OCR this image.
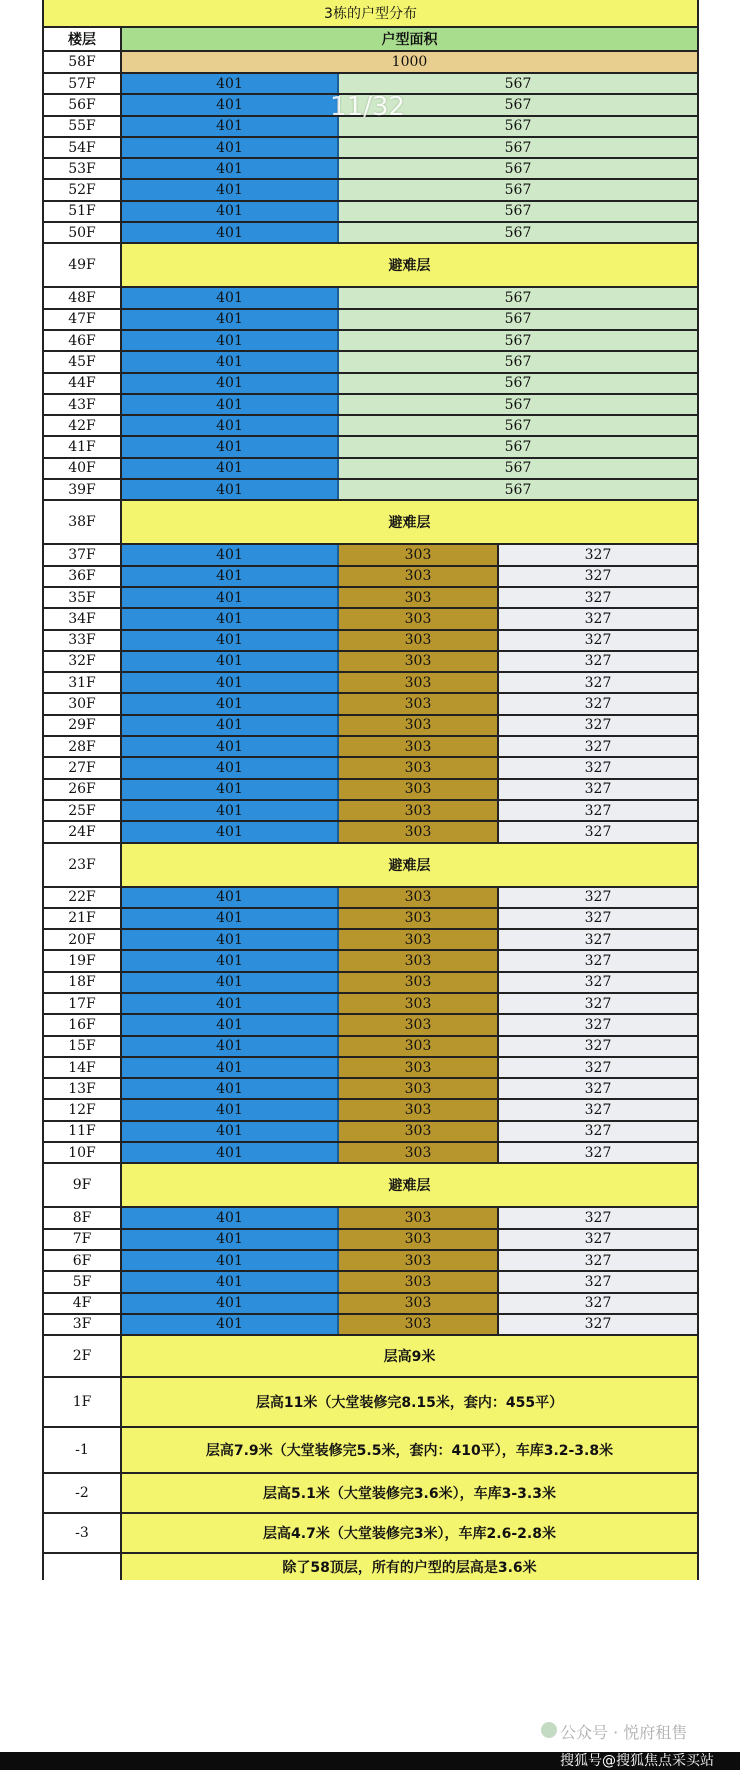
3栋的户型分布
楼层	户型面积
58F	1000
57F	401	567
56F	401	567
55F	401	567
54F	401	567
53F	401	567
52F	401	567
51F	401	567
50F	401	567
49F	避难层
48F	401	567
47F	401	567
46F	401	567
45F	401	567
44F	401	567
43F	401	567
42F	401	567
41F	401	567
40F	401	567
39F	401	567
38F	避难层
37F	401	303	327
36F	401	303	327
35F	401	303	327
34F	401	303	327
33F	401	303	327
32F	401	303	327
31F	401	303	327
30F	401	303	327
29F	401	303	327
28F	401	303	327
27F	401	303	327
26F	401	303	327
25F	401	303	327
24F	401	303	327
23F	避难层
22F	401	303	327
21F	401	303	327
20F	401	303	327
19F	401	303	327
18F	401	303	327
17F	401	303	327
16F	401	303	327
15F	401	303	327
14F	401	303	327
13F	401	303	327
12F	401	303	327
11F	401	303	327
10F	401	303	327
9F	避难层
8F	401	303	327
7F	401	303	327
6F	401	303	327
5F	401	303	327
4F	401	303	327
3F	401	303	327
2F	层高9米
1F	层高11米（大堂装修完8.15米，套内：455平）
-1	层高7.9米（大堂装修完5.5米，套内：410平），车库3.2-3.8米
-2	层高5.1米（大堂装修完3.6米），车库3-3.3米
-3	层高4.7米（大堂装修完3米），车库2.6-2.8米
除了58顶层，所有的户型的层高是3.6米
11/32
公众号 · 悦府租售
搜狐号@搜狐焦点采买站
